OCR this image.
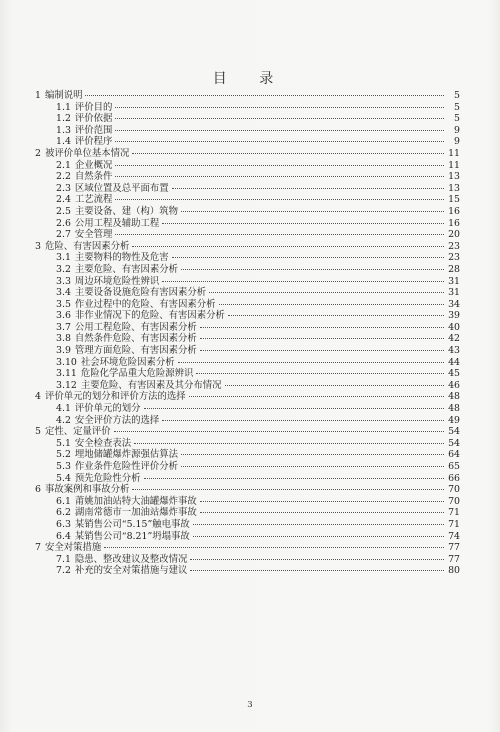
目 录
1 编制说明	5
1.1 评价目的	5
1.2 评价依据	5
1.3 评价范围	9
1.4 评价程序	9
2 被评价单位基本情况	11
2.1 企业概况	11
2.2 自然条件	13
2.3 区域位置及总平面布置	13
2.4 工艺流程	15
2.5 主要设备、建（构）筑物	16
2.6 公用工程及辅助工程	16
2.7 安全管理	20
3 危险、有害因素分析	23
3.1 主要物料的物性及危害	23
3.2 主要危险、有害因素分析	28
3.3 周边环境危险性辨识	31
3.4 主要设备设施危险有害因素分析	31
3.5 作业过程中的危险、有害因素分析	34
3.6 非作业情况下的危险、有害因素分析	39
3.7 公用工程危险、有害因素分析	40
3.8 自然条件危险、有害因素分析	42
3.9 管理方面危险、有害因素分析	43
3.10 社会环境危险因素分析	44
3.11 危险化学品重大危险源辨识	45
3.12 主要危险、有害因素及其分布情况	46
4 评价单元的划分和评价方法的选择	48
4.1 评价单元的划分	48
4.2 安全评价方法的选择	49
5 定性、定量评价	54
5.1 安全检查表法	54
5.2 埋地储罐爆炸源强估算法	64
5.3 作业条件危险性评价分析	65
5.4 预先危险性分析	66
6 事故案例和事故分析	70
6.1 莆姚加油站特大油罐爆炸事故	70
6.2 湖南常德市一加油站爆炸事故	71
6.3 某销售公司“5.15”触电事故	71
6.4 某销售公司“8.21”坍塌事故	74
7 安全对策措施	77
7.1 隐患、整改建议及整改情况	77
7.2 补充的安全对策措施与建议	80
3
